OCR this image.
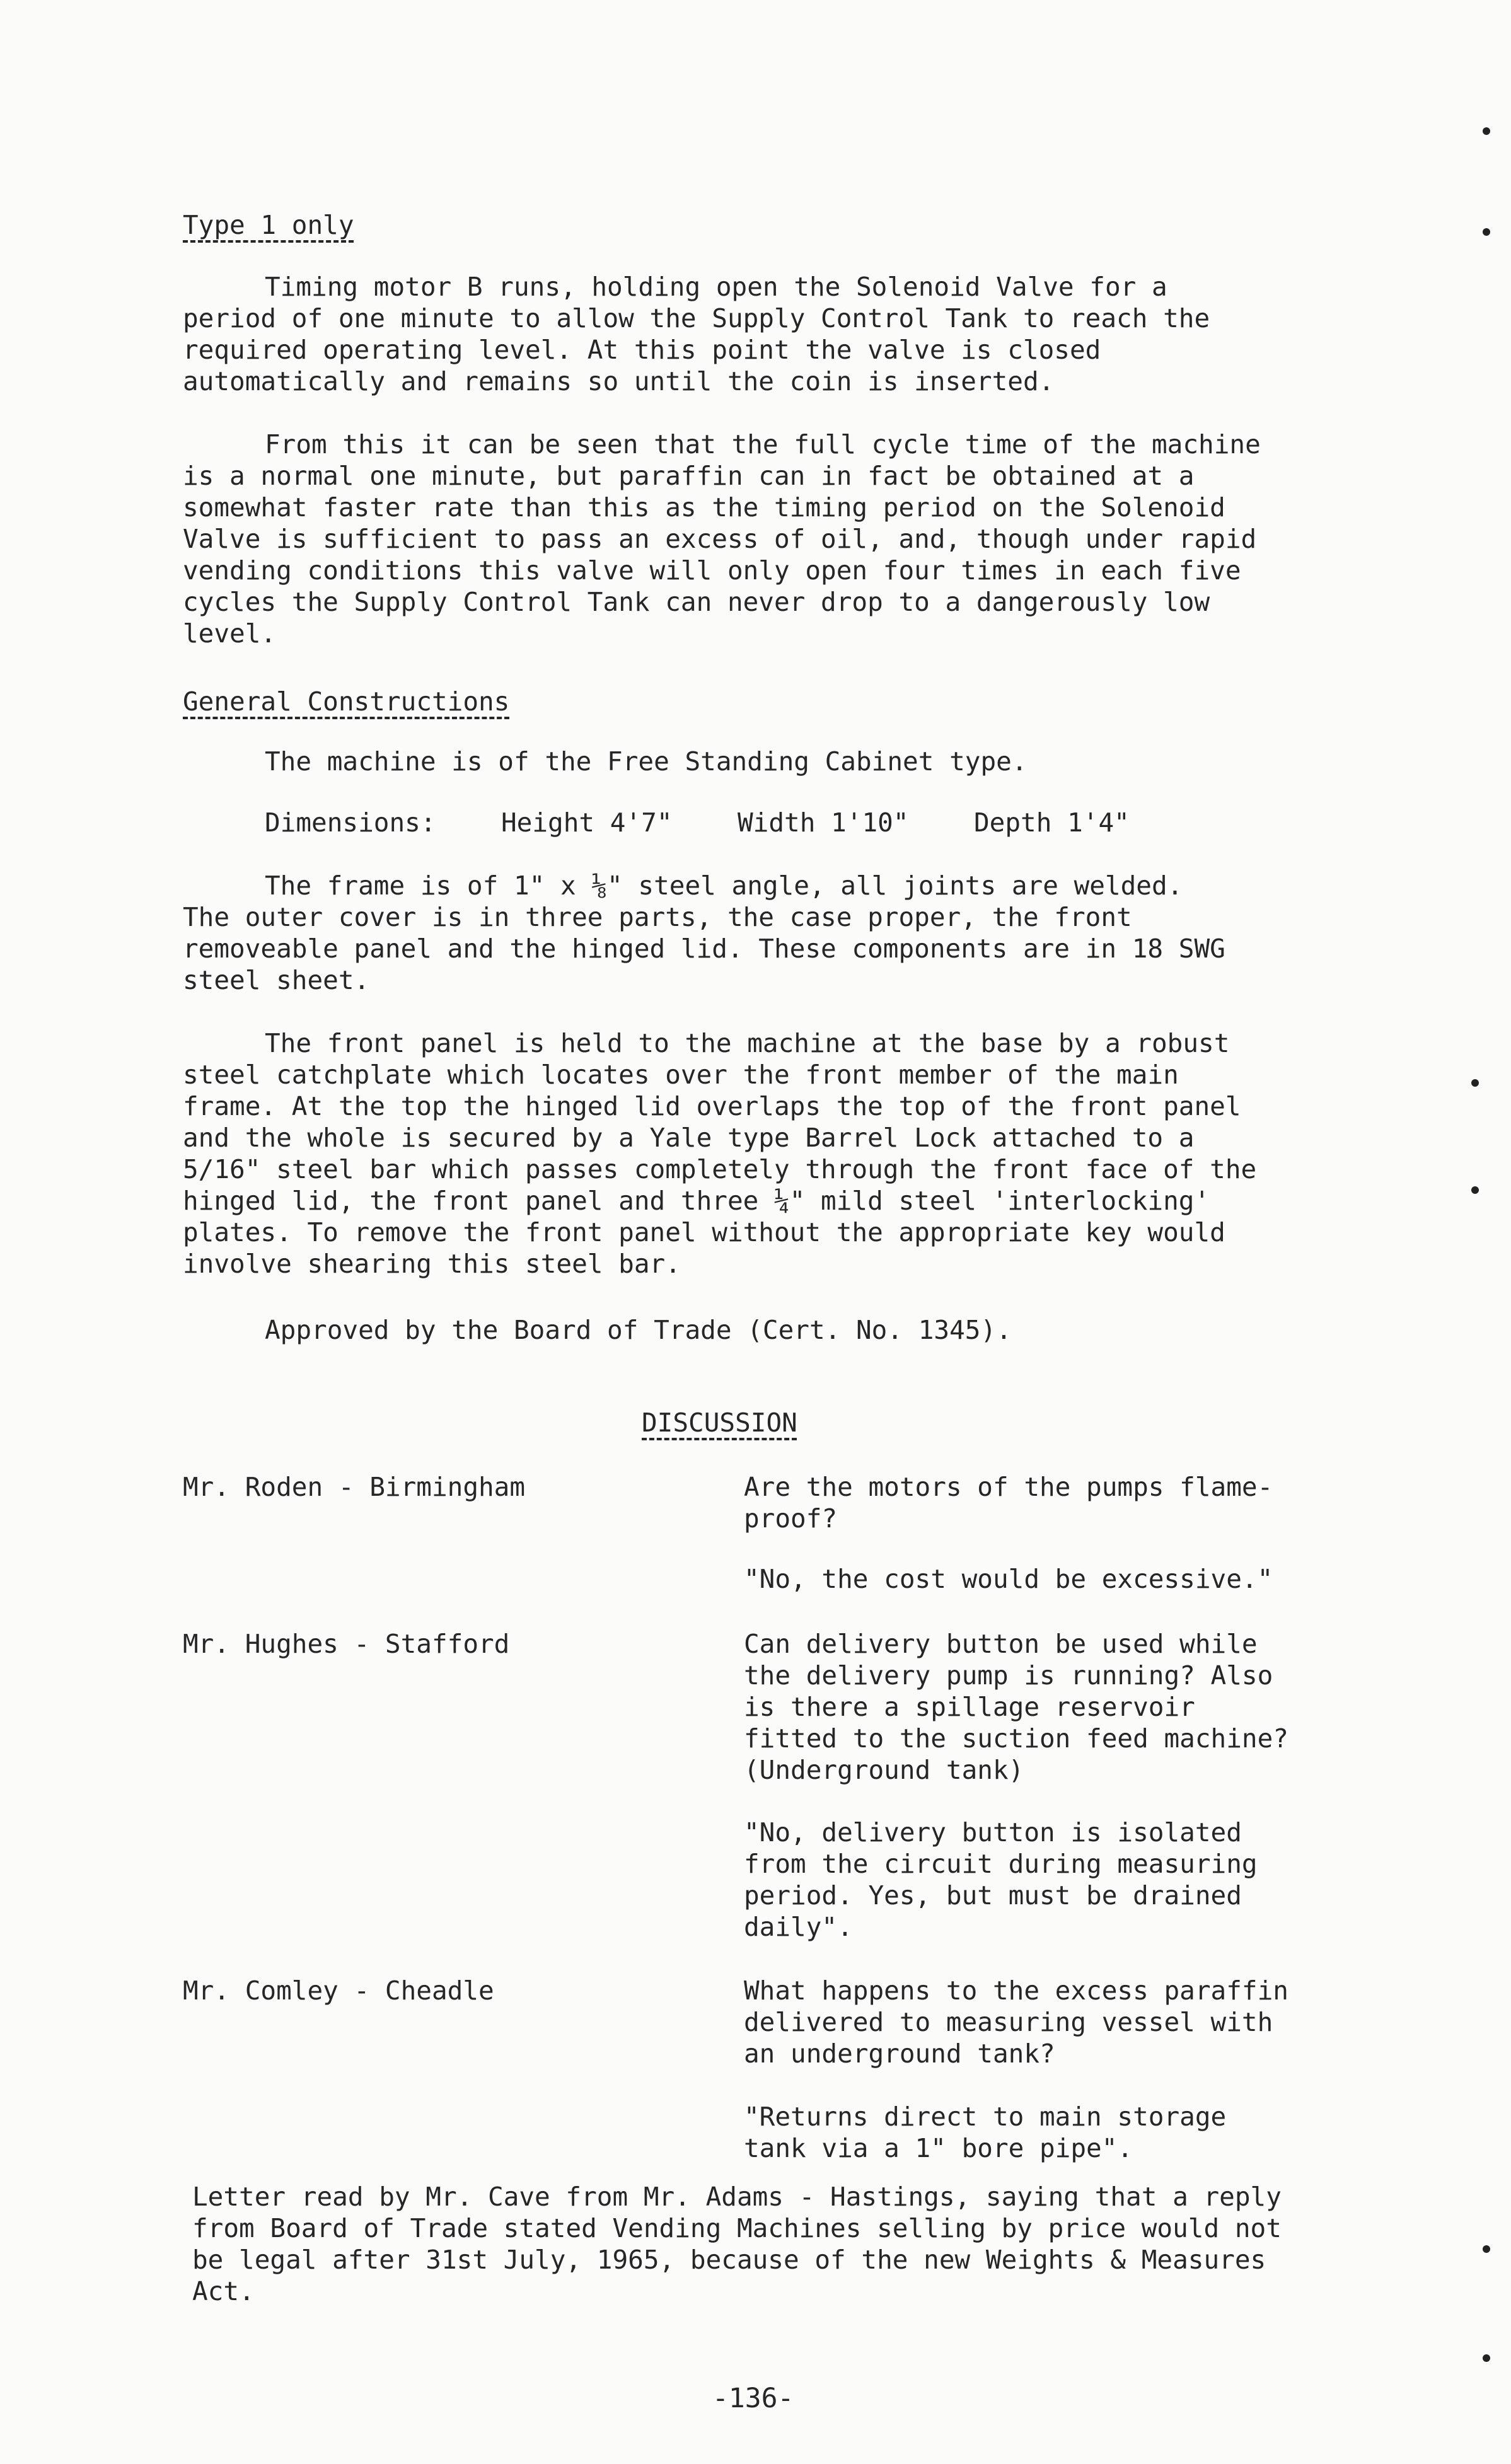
Type 1 only
Timing motor B runs, holding open the Solenoid Valve for a
period of one minute to allow the Supply Control Tank to reach the
required operating level. At this point the valve is closed
automatically and remains so until the coin is inserted.
From this it can be seen that the full cycle time of the machine
is a normal one minute, but paraffin can in fact be obtained at a
somewhat faster rate than this as the timing period on the Solenoid
Valve is sufficient to pass an excess of oil, and, though under rapid
vending conditions this valve will only open four times in each five
cycles the Supply Control Tank can never drop to a dangerously low
level.
General Constructions
The machine is of the Free Standing Cabinet type.
Dimensions:	Height 4'7"	Width 1'10"	Depth 1'4"
The frame is of 1" x ⅛" steel angle, all joints are welded.
The outer cover is in three parts, the case proper, the front
removeable panel and the hinged lid. These components are in 18 SWG
steel sheet.
The front panel is held to the machine at the base by a robust
steel catchplate which locates over the front member of the main
frame. At the top the hinged lid overlaps the top of the front panel
and the whole is secured by a Yale type Barrel Lock attached to a
5/16" steel bar which passes completely through the front face of the
hinged lid, the front panel and three ¼" mild steel 'interlocking'
plates. To remove the front panel without the appropriate key would
involve shearing this steel bar.
Approved by the Board of Trade (Cert. No. 1345).
DISCUSSION
Mr. Roden - Birmingham	Are the motors of the pumps flame-
proof?
"No, the cost would be excessive."
Mr. Hughes - Stafford	Can delivery button be used while
the delivery pump is running? Also
is there a spillage reservoir
fitted to the suction feed machine?
(Underground tank)
"No, delivery button is isolated
from the circuit during measuring
period. Yes, but must be drained
daily".
Mr. Comley - Cheadle	What happens to the excess paraffin
delivered to measuring vessel with
an underground tank?
"Returns direct to main storage
tank via a 1" bore pipe".
Letter read by Mr. Cave from Mr. Adams - Hastings, saying that a reply
from Board of Trade stated Vending Machines selling by price would not
be legal after 31st July, 1965, because of the new Weights & Measures
Act.
-136-
